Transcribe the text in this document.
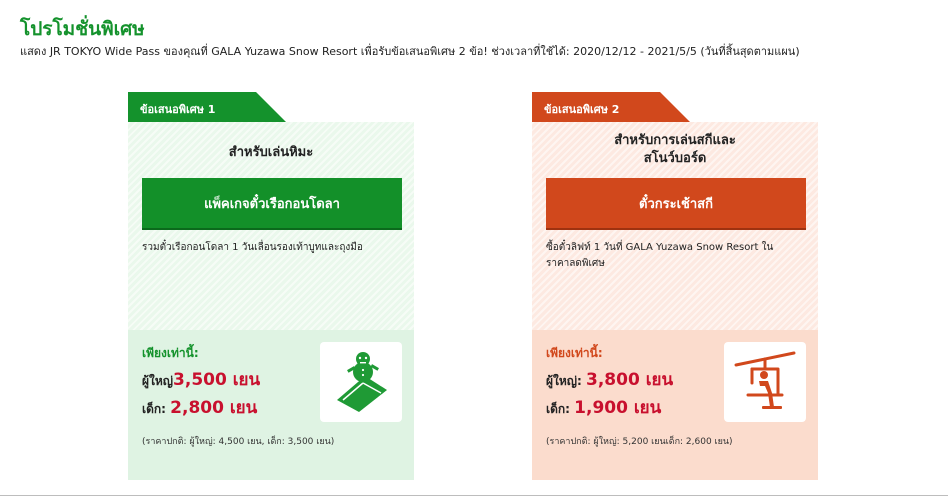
โปรโมชั่นพิเศษ
แสดง JR TOKYO Wide Pass ของคุณที่ GALA Yuzawa Snow Resort เพื่อรับข้อเสนอพิเศษ 2 ข้อ! ช่วงเวลาที่ใช้ได้: 2020/12/12 - 2021/5/5 (วันที่สิ้นสุดตามแผน)
ข้อเสนอพิเศษ 1
สำหรับเล่นหิมะ
แพ็คเกจตั๋วเรือกอนโดลา
รวมตั๋วเรือกอนโดลา 1 วันเลื่อนรองเท้าบูทและถุงมือ
เพียงเท่านี้:
ผู้ใหญ่3,500 เยน
เด็ก: 2,800 เยน
(ราคาปกติ: ผู้ใหญ่: 4,500 เยน, เด็ก: 3,500 เยน)
ข้อเสนอพิเศษ 2
สำหรับการเล่นสกีและ
สโนว์บอร์ด
ตั๋วกระเช้าสกี
ซื้อตั๋วลิฟท์ 1 วันที่ GALA Yuzawa Snow Resort ใน
ราคาลดพิเศษ
เพียงเท่านี้:
ผู้ใหญ่: 3,800 เยน
เด็ก: 1,900 เยน
(ราคาปกติ: ผู้ใหญ่: 5,200 เยนเด็ก: 2,600 เยน)
